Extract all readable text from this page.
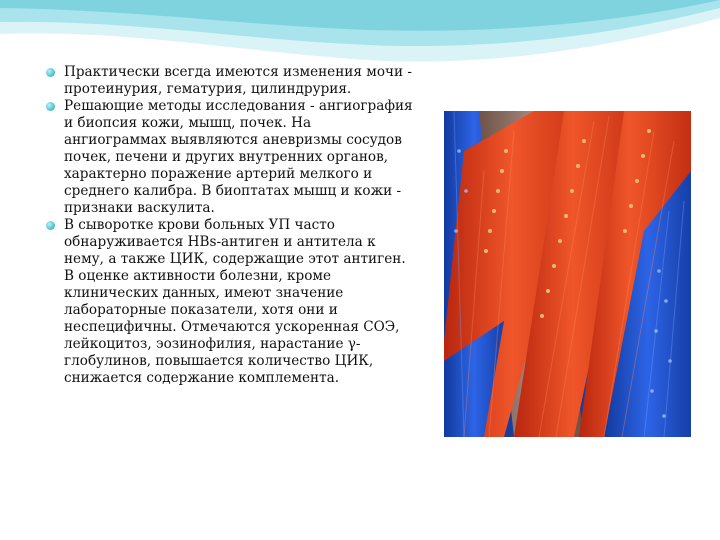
Практически всегда имеются изменения мочи - протеинурия, гематурия, цилиндрурия.

Решающие методы исследования - ангиография и биопсия кожи, мышц, почек. На ангиограммах выявляются аневризмы сосудов почек, печени и других внутренних органов, характерно поражение артерий мелкого и среднего калибра. В биоптатах мышц и кожи - признаки васкулита.

В сыворотке крови больных УП часто обнаруживается HBs-антиген и антитела к нему, а также ЦИК, содержащие этот антиген.

В оценке активности болезни, кроме клинических данных, имеют значение лабораторные показатели, хотя они и неспецифичны. Отмечаются ускоренная СОЭ, лейкоцитоз, эозинофилия, нарастание γ-глобулинов, повышается количество ЦИК, снижается содержание комплемента.
